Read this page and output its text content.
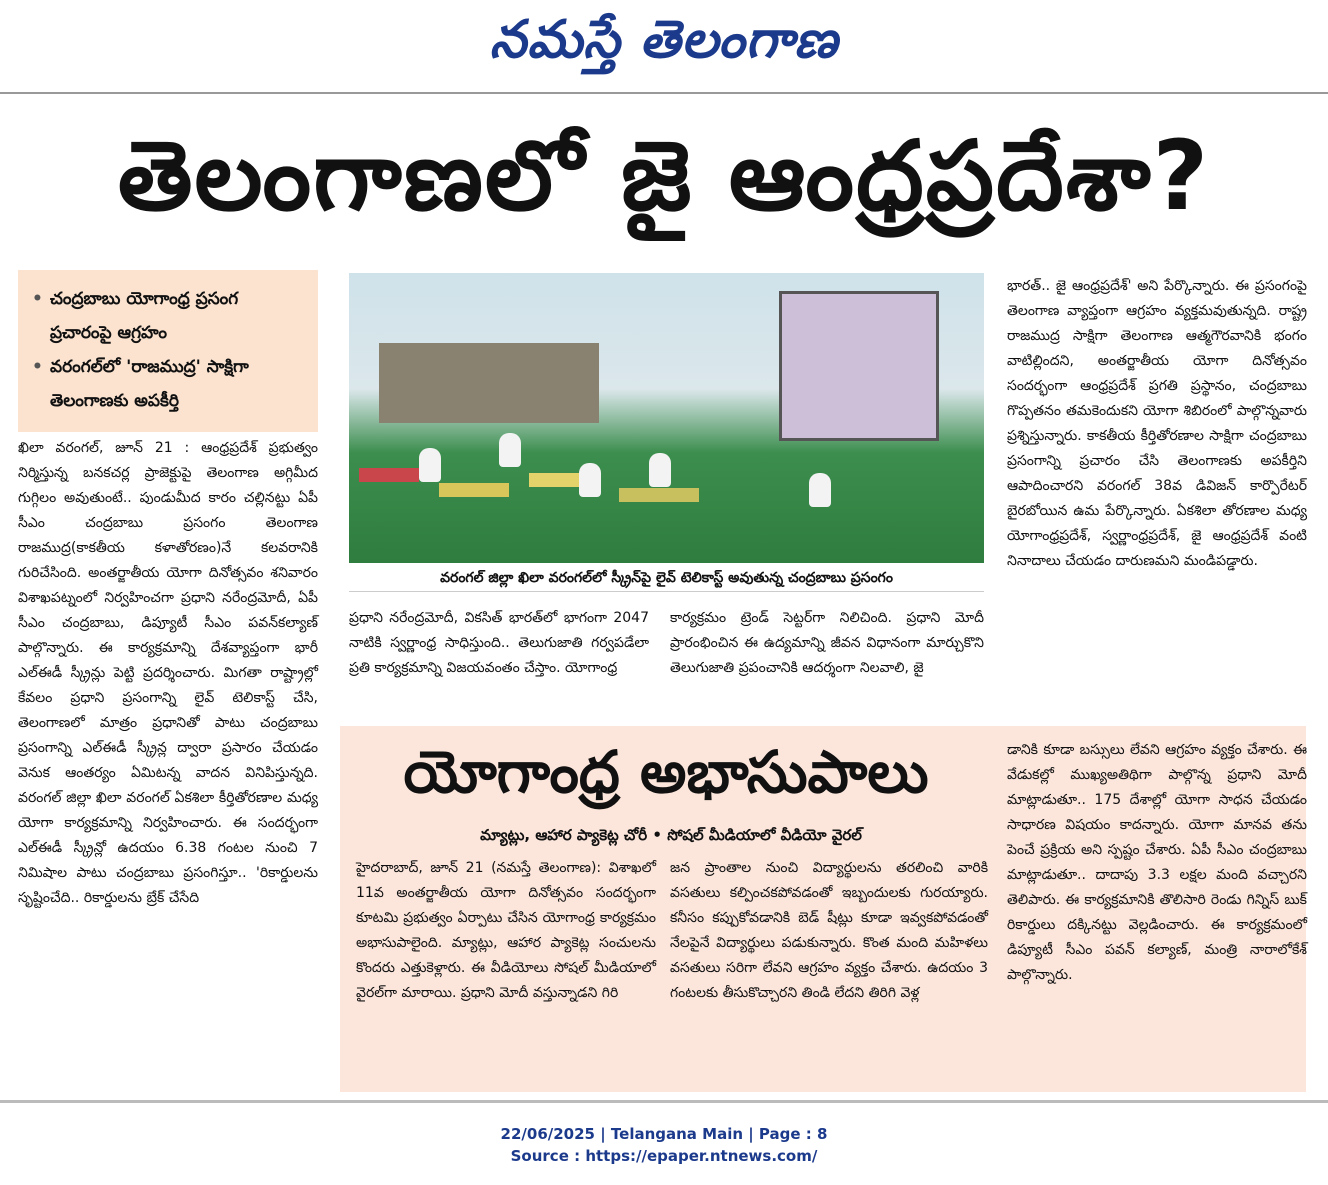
నమస్తే తెలంగాణ
తెలంగాణలో జై ఆంధ్రప్రదేశా?
• చంద్రబాబు యోగాంధ్ర ప్రసంగ ప్రచారంపై ఆగ్రహం
• వరంగల్‌లో 'రాజముద్ర' సాక్షిగా తెలంగాణకు అపకీర్తి
ఖిలా వరంగల్, జూన్ 21 : ఆంధ్రప్రదేశ్ ప్రభుత్వం నిర్మిస్తున్న బనకచర్ల ప్రాజెక్టుపై తెలంగాణ అగ్గిమీద గుగ్గిలం అవుతుంటే.. పుండుమీద కారం చల్లినట్టు ఏపీ సీఎం చంద్రబాబు ప్రసంగం తెలంగాణ రాజముద్ర(కాకతీయ కళాతోరణం)నే కలవరానికి గురిచేసింది. అంతర్జాతీయ యోగా దినోత్సవం శనివారం విశాఖపట్నంలో నిర్వహించగా ప్రధాని నరేంద్రమోదీ, ఏపీ సీఎం చంద్రబాబు, డిప్యూటీ సీఎం పవన్‌కల్యాణ్ పాల్గొన్నారు. ఈ కార్యక్రమాన్ని దేశవ్యాప్తంగా భారీ ఎల్ఈడీ స్క్రీన్లు పెట్టి ప్రదర్శించారు. మిగతా రాష్ట్రాల్లో కేవలం ప్రధాని ప్రసంగాన్ని లైవ్ టెలికాస్ట్ చేసి, తెలంగాణలో మాత్రం ప్రధానితో పాటు చంద్రబాబు ప్రసంగాన్ని ఎల్ఈడీ స్క్రీన్ల ద్వారా ప్రసారం చేయడం వెనుక ఆంతర్యం ఏమిటన్న వాదన వినిపిస్తున్నది. వరంగల్ జిల్లా ఖిలా వరంగల్ ఏకశిలా కీర్తితోరణాల మధ్య యోగా కార్యక్రమాన్ని నిర్వహించారు. ఈ సందర్భంగా ఎల్ఈడీ స్క్రీన్లో ఉదయం 6.38 గంటల నుంచి 7 నిమిషాల పాటు చంద్రబాబు ప్రసంగిస్తూ.. 'రికార్డులను సృష్టించేది.. రికార్డులను బ్రేక్ చేసేది
వరంగల్ జిల్లా ఖిలా వరంగల్‌లో స్క్రీన్‌పై లైవ్ టెలికాస్ట్ అవుతున్న చంద్రబాబు ప్రసంగం
ప్రధాని నరేంద్రమోదీ, వికసిత్ భారత్‌లో భాగంగా 2047 నాటికి స్వర్ణాంధ్ర సాధిస్తుంది.. తెలుగుజాతి గర్వపడేలా ప్రతి కార్యక్రమాన్ని విజయవంతం చేస్తాం. యోగాంధ్ర
కార్యక్రమం ట్రెండ్ సెట్టర్‌గా నిలిచింది. ప్రధాని మోదీ ప్రారంభించిన ఈ ఉద్యమాన్ని జీవన విధానంగా మార్చుకొని తెలుగుజాతి ప్రపంచానికి ఆదర్శంగా నిలవాలి, జై
భారత్.. జై ఆంధ్రప్రదేశ్' అని పేర్కొన్నారు. ఈ ప్రసంగంపై తెలంగాణ వ్యాప్తంగా ఆగ్రహం వ్యక్తమవుతున్నది. రాష్ట్ర రాజముద్ర సాక్షిగా తెలంగాణ ఆత్మగౌరవానికి భంగం వాటిల్లిందని, అంతర్జాతీయ యోగా దినోత్సవం సందర్భంగా ఆంధ్రప్రదేశ్ ప్రగతి ప్రస్థానం, చంద్రబాబు గొప్పతనం తమకెందుకని యోగా శిబిరంలో పాల్గొన్నవారు ప్రశ్నిస్తున్నారు. కాకతీయ కీర్తితోరణాల సాక్షిగా చంద్రబాబు ప్రసంగాన్ని ప్రచారం చేసి తెలంగాణకు అపకీర్తిని ఆపాదించారని వరంగల్ 38వ డివిజన్ కార్పొరేటర్ బైరబోయిన ఉమ పేర్కొన్నారు. ఏకశిలా తోరణాల మధ్య యోగాంధ్రప్రదేశ్, స్వర్ణాంధ్రప్రదేశ్, జై ఆంధ్రప్రదేశ్ వంటి నినాదాలు చేయడం దారుణమని మండిపడ్డారు.
యోగాంధ్ర అభాసుపాలు
మ్యాట్లు, ఆహార ప్యాకెట్ల చోరీ • సోషల్ మీడియాలో వీడియో వైరల్
హైదరాబాద్, జూన్ 21 (నమస్తే తెలంగాణ): విశాఖలో 11వ అంతర్జాతీయ యోగా దినోత్సవం సందర్భంగా కూటమి ప్రభుత్వం ఏర్పాటు చేసిన యోగాంధ్ర కార్యక్రమం అభాసుపాలైంది. మ్యాట్లు, ఆహార ప్యాకెట్ల సంచులను కొందరు ఎత్తుకెళ్లారు. ఈ వీడియోలు సోషల్ మీడియాలో వైరల్‌గా మారాయి. ప్రధాని మోదీ వస్తున్నాడని గిరి
జన ప్రాంతాల నుంచి విద్యార్థులను తరలించి వారికి వసతులు కల్పించకపోవడంతో ఇబ్బందులకు గురయ్యారు. కనీసం కప్పుకోవడానికి బెడ్ షీట్లు కూడా ఇవ్వకపోవడంతో నేలపైనే విద్యార్థులు పడుకున్నారు. కొంత మంది మహిళలు వసతులు సరిగా లేవని ఆగ్రహం వ్యక్తం చేశారు. ఉదయం 3 గంటలకు తీసుకొచ్చారని తిండి లేదని తిరిగి వెళ్ల
డానికి కూడా బస్సులు లేవని ఆగ్రహం వ్యక్తం చేశారు. ఈ వేడుకల్లో ముఖ్యఅతిథిగా పాల్గొన్న ప్రధాని మోదీ మాట్లాడుతూ.. 175 దేశాల్లో యోగా సాధన చేయడం సాధారణ విషయం కాదన్నారు. యోగా మానవ తను పెంచే ప్రక్రియ అని స్పష్టం చేశారు. ఏపీ సీఎం చంద్రబాబు మాట్లాడుతూ.. దాదాపు 3.3 లక్షల మంది వచ్చారని తెలిపారు. ఈ కార్యక్రమానికి తొలిసారి రెండు గిన్నిస్ బుక్ రికార్డులు దక్కినట్టు వెల్లడించారు. ఈ కార్యక్రమంలో డిప్యూటీ సీఎం పవన్ కల్యాణ్, మంత్రి నారాలోకేశ్ పాల్గొన్నారు.
22/06/2025 | Telangana Main | Page : 8
Source : https://epaper.ntnews.com/
